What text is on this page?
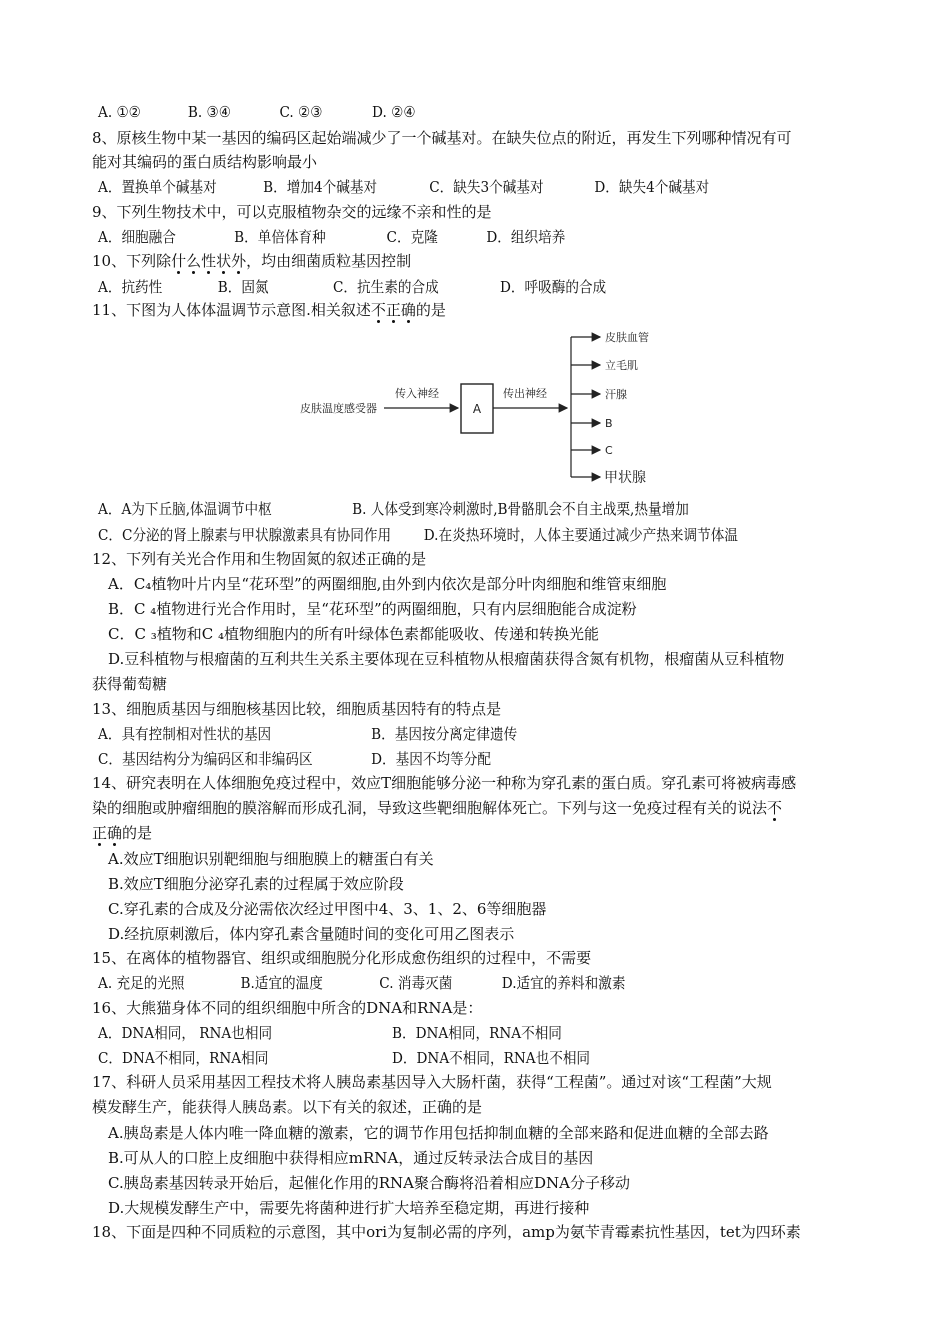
A. ①②	B. ③④	C. ②③	D. ②④
8、原核生物中某一基因的编码区起始端减少了一个碱基对。在缺失位点的附近，再发生下列哪种情况有可
能对其编码的蛋白质结构影响最小
A．置换单个碱基对	B．增加4个碱基对	C．缺失3个碱基对	D．缺失4个碱基对
9、下列生物技术中，可以克服植物杂交的远缘不亲和性的是
A．细胞融合	B．单倍体育种	C．克隆	D．组织培养
10、下列除什么性状外，均由细菌质粒基因控制
A．抗药性	B．固氮	C．抗生素的合成	D．呼吸酶的合成
11、下图为人体体温调节示意图.相关叙述不正确的是
皮肤温度感受器
传入神经
A
传出神经
皮肤血管
立毛肌
汗腺
B
C
甲状腺
A．A为下丘脑,体温调节中枢	B. 人体受到寒冷刺激时,B骨骼肌会不自主战栗,热量增加
C．C分泌的肾上腺素与甲状腺激素具有协同作用 D.在炎热环境时，人体主要通过减少产热来调节体温
12、下列有关光合作用和生物固氮的叙述正确的是
A．C₄植物叶片内呈“花环型”的两圈细胞,由外到内依次是部分叶肉细胞和维管束细胞
B．C ₄植物进行光合作用时，呈“花环型”的两圈细胞，只有内层细胞能合成淀粉
C．C ₃植物和C ₄植物细胞内的所有叶绿体色素都能吸收、传递和转换光能
D.豆科植物与根瘤菌的互利共生关系主要体现在豆科植物从根瘤菌获得含氮有机物，根瘤菌从豆科植物
获得葡萄糖
13、细胞质基因与细胞核基因比较，细胞质基因特有的特点是
A．具有控制相对性状的基因	B．基因按分离定律遗传
C．基因结构分为编码区和非编码区	D．基因不均等分配
14、研究表明在人体细胞免疫过程中，效应T细胞能够分泌一种称为穿孔素的蛋白质。穿孔素可将被病毒感
染的细胞或肿瘤细胞的膜溶解而形成孔洞，导致这些靶细胞解体死亡。下列与这一免疫过程有关的说法不
正确的是
A.效应T细胞识别靶细胞与细胞膜上的糖蛋白有关
B.效应T细胞分泌穿孔素的过程属于效应阶段
C.穿孔素的合成及分泌需依次经过甲图中4、3、1、2、6等细胞器
D.经抗原刺激后，体内穿孔素含量随时间的变化可用乙图表示
15、在离体的植物器官、组织或细胞脱分化形成愈伤组织的过程中，不需要
A. 充足的光照	B.适宜的温度	C. 消毒灭菌	D.适宜的养料和激素
16、大熊猫身体不同的组织细胞中所含的DNA和RNA是：
A．DNA相同， RNA也相同	B．DNA相同，RNA不相同
C．DNA不相同，RNA相同	D．DNA不相同，RNA也不相同
17、科研人员采用基因工程技术将人胰岛素基因导入大肠杆菌，获得“工程菌”。通过对该“工程菌”大规
模发酵生产，能获得人胰岛素。以下有关的叙述，正确的是
A.胰岛素是人体内唯一降血糖的激素，它的调节作用包括抑制血糖的全部来路和促进血糖的全部去路
B.可从人的口腔上皮细胞中获得相应mRNA，通过反转录法合成目的基因
C.胰岛素基因转录开始后，起催化作用的RNA聚合酶将沿着相应DNA分子移动
D.大规模发酵生产中，需要先将菌种进行扩大培养至稳定期，再进行接种
18、下面是四种不同质粒的示意图，其中ori为复制必需的序列，amp为氨苄青霉素抗性基因，tet为四环素
